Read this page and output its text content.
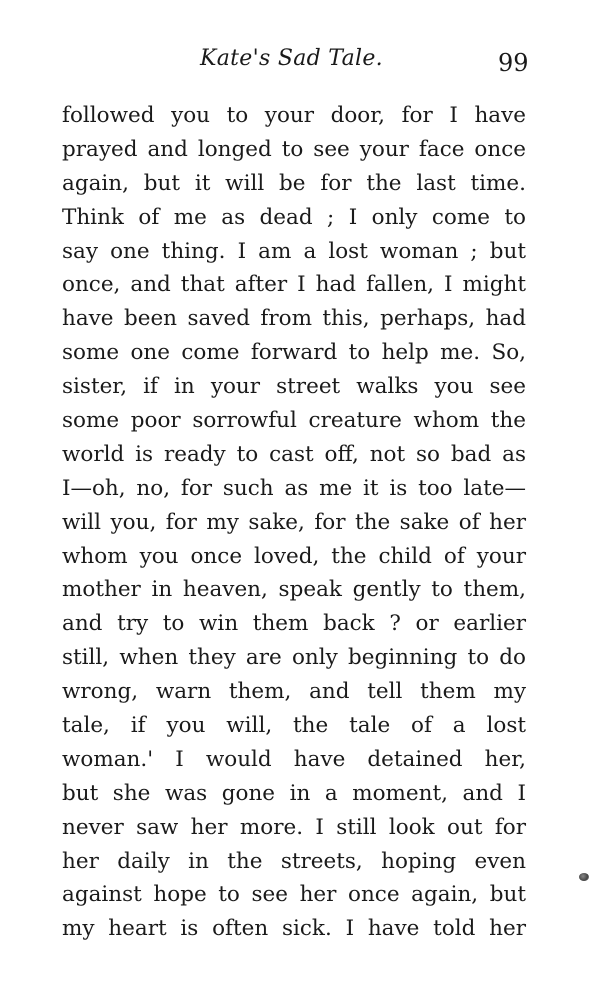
Kate's Sad Tale.	99
followed you to your door, for I have
prayed and longed to see your face once
again, but it will be for the last time.
Think of me as dead ; I only come to
say one thing. I am a lost woman ; but
once, and that after I had fallen, I might
have been saved from this, perhaps, had
some one come forward to help me. So,
sister, if in your street walks you see
some poor sorrowful creature whom the
world is ready to cast off, not so bad as
I—oh, no, for such as me it is too late—
will you, for my sake, for the sake of her
whom you once loved, the child of your
mother in heaven, speak gently to them,
and try to win them back ? or earlier
still, when they are only beginning to do
wrong, warn them, and tell them my
tale, if you will, the tale of a lost
woman.' I would have detained her,
but she was gone in a moment, and I
never saw her more. I still look out for
her daily in the streets, hoping even
against hope to see her once again, but
my heart is often sick. I have told her
